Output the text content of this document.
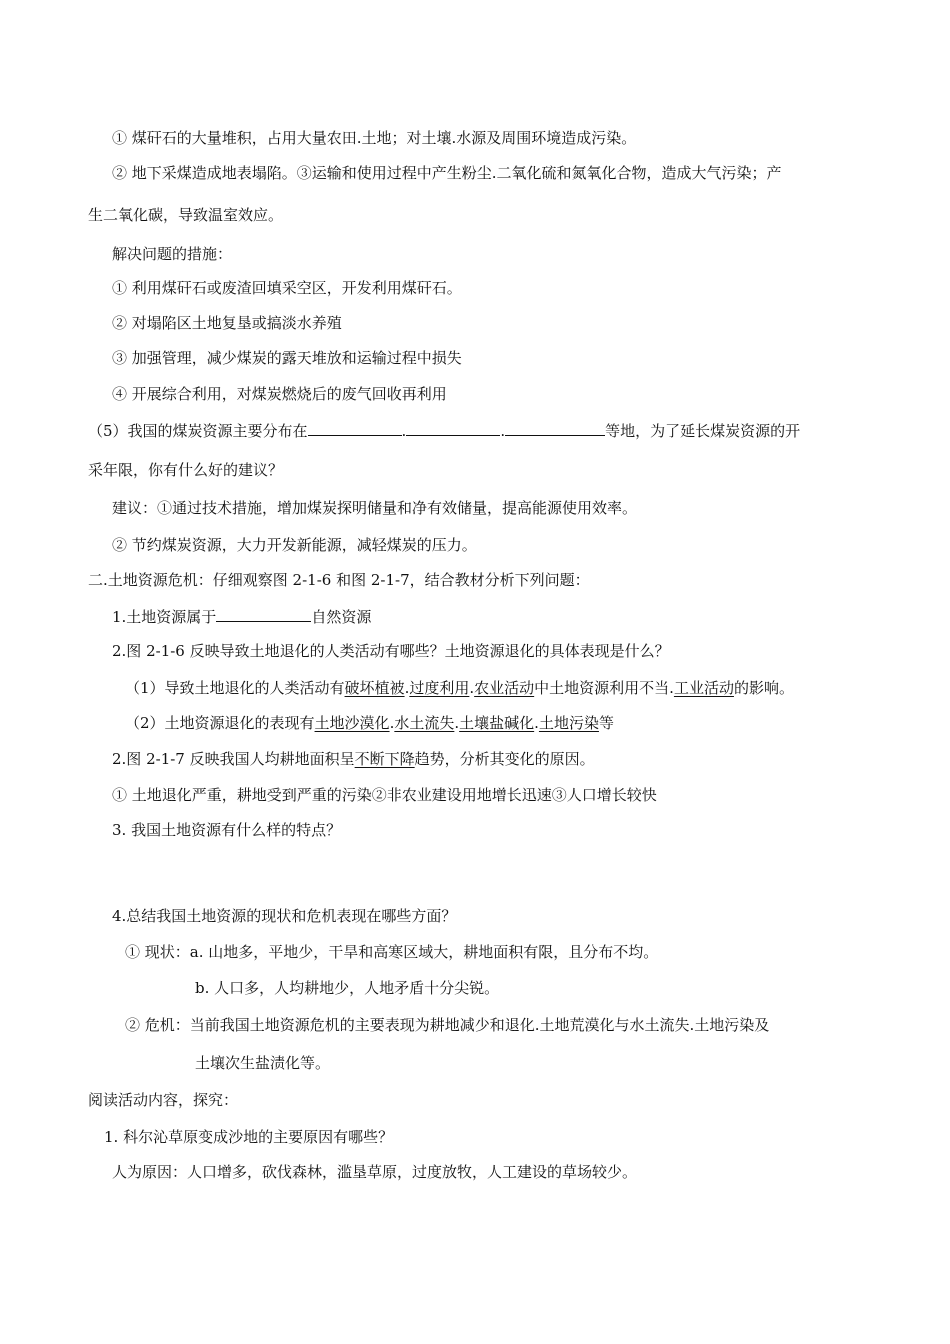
① 煤矸石的大量堆积，占用大量农田.土地；对土壤.水源及周围环境造成污染。
② 地下采煤造成地表塌陷。③运输和使用过程中产生粉尘.二氧化硫和氮氧化合物，造成大气污染；产
生二氧化碳，导致温室效应。
解决问题的措施：
① 利用煤矸石或废渣回填采空区，开发利用煤矸石。
② 对塌陷区土地复垦或搞淡水养殖
③ 加强管理，减少煤炭的露天堆放和运输过程中损失
④ 开展综合利用，对煤炭燃烧后的废气回收再利用
（5）我国的煤炭资源主要分布在	.	.	等地，为了延长煤炭资源的开
采年限，你有什么好的建议？
建议：①通过技术措施，增加煤炭探明储量和净有效储量，提高能源使用效率。
② 节约煤炭资源，大力开发新能源，减轻煤炭的压力。
二.土地资源危机：仔细观察图 2-1-6 和图 2-1-7，结合教材分析下列问题：
1.土地资源属于	自然资源
2.图 2-1-6 反映导致土地退化的人类活动有哪些？土地资源退化的具体表现是什么？
（1）导致土地退化的人类活动有破坏植被.过度利用.农业活动中土地资源利用不当.工业活动的影响。
（2）土地资源退化的表现有土地沙漠化.水土流失.土壤盐碱化.土地污染等
2.图 2-1-7 反映我国人均耕地面积呈不断下降趋势，分析其变化的原因。
① 土地退化严重，耕地受到严重的污染②非农业建设用地增长迅速③人口增长较快
3. 我国土地资源有什么样的特点？
4.总结我国土地资源的现状和危机表现在哪些方面？
① 现状：a. 山地多，平地少，干旱和高寒区域大，耕地面积有限，且分布不均。
b. 人口多，人均耕地少，人地矛盾十分尖锐。
② 危机：当前我国土地资源危机的主要表现为耕地减少和退化.土地荒漠化与水土流失.土地污染及
土壤次生盐渍化等。
阅读活动内容，探究：
1. 科尔沁草原变成沙地的主要原因有哪些？
人为原因：人口增多，砍伐森林，滥垦草原，过度放牧，人工建设的草场较少。
